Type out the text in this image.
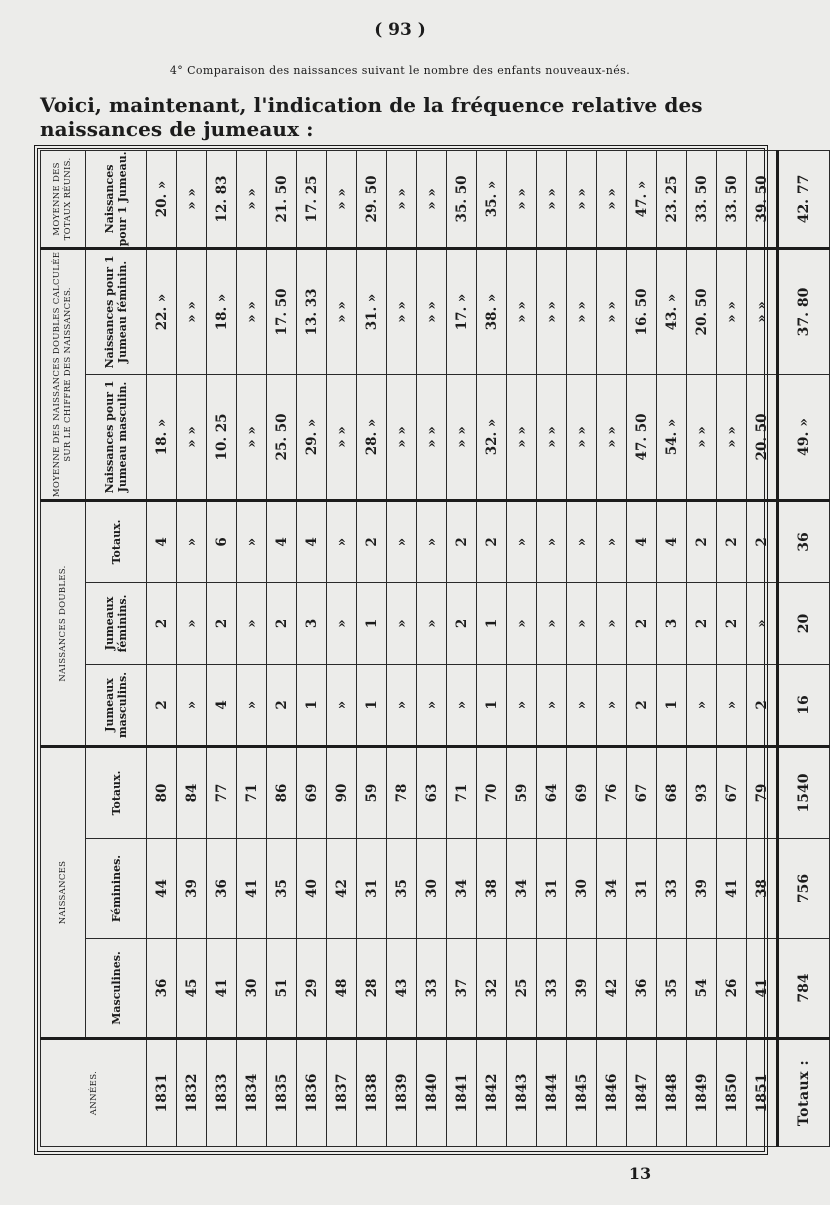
( 93 )
4° Comparaison des naissances suivant le nombre des enfants nouveaux-nés.
Voici, maintenant, l'indication de la fréquence relative des naissances de jumeaux :
ANNÉES.	NAISSANCES			NAISSANCES DOUBLES.			MOYENNE DES NAISSANCES DOUBLES CALCULÉE SUR LE CHIFFRE DES NAISSANCES.		MOYENNE DES TOTAUX RÉUNIS.
	Masculines.	Féminines.	Totaux.	Jumeaux masculins.	Jumeaux féminins.	Totaux.	Naissances pour 1 Jumeau masculin.	Naissances pour 1 Jumeau féminin.	Naissances pour 1 Jumeau.
1831	36	44	80	2	2	4	18. »	22. »	20. »
1832	45	39	84	»	»	»	» »	» »	» »
1833	41	36	77	4	2	6	10. 25	18. »	12. 83
1834	30	41	71	»	»	»	» »	» »	» »
1835	51	35	86	2	2	4	25. 50	17. 50	21. 50
1836	29	40	69	1	3	4	29. »	13. 33	17. 25
1837	48	42	90	»	»	»	» »	» »	» »
1838	28	31	59	1	1	2	28. »	31. »	29. 50
1839	43	35	78	»	»	»	» »	» »	» »
1840	33	30	63	»	»	»	» »	» »	» »
1841	37	34	71	»	2	2	» »	17. »	35. 50
1842	32	38	70	1	1	2	32. »	38. »	35. »
1843	25	34	59	»	»	»	» »	» »	» »
1844	33	31	64	»	»	»	» »	» »	» »
1845	39	30	69	»	»	»	» »	» »	» »
1846	42	34	76	»	»	»	» »	» »	» »
1847	36	31	67	2	2	4	47. 50	16. 50	47. »
1848	35	33	68	1	3	4	54. »	43. »	23. 25
1849	54	39	93	»	2	2	» »	20. 50	33. 50
1850	26	41	67	»	2	2	» »	» »	33. 50
1851	41	38	79	2	»	2	20. 50	» »	39. 50
Totaux :	784	756	1540	16	20	36	49. »	37. 80	42. 77
13
